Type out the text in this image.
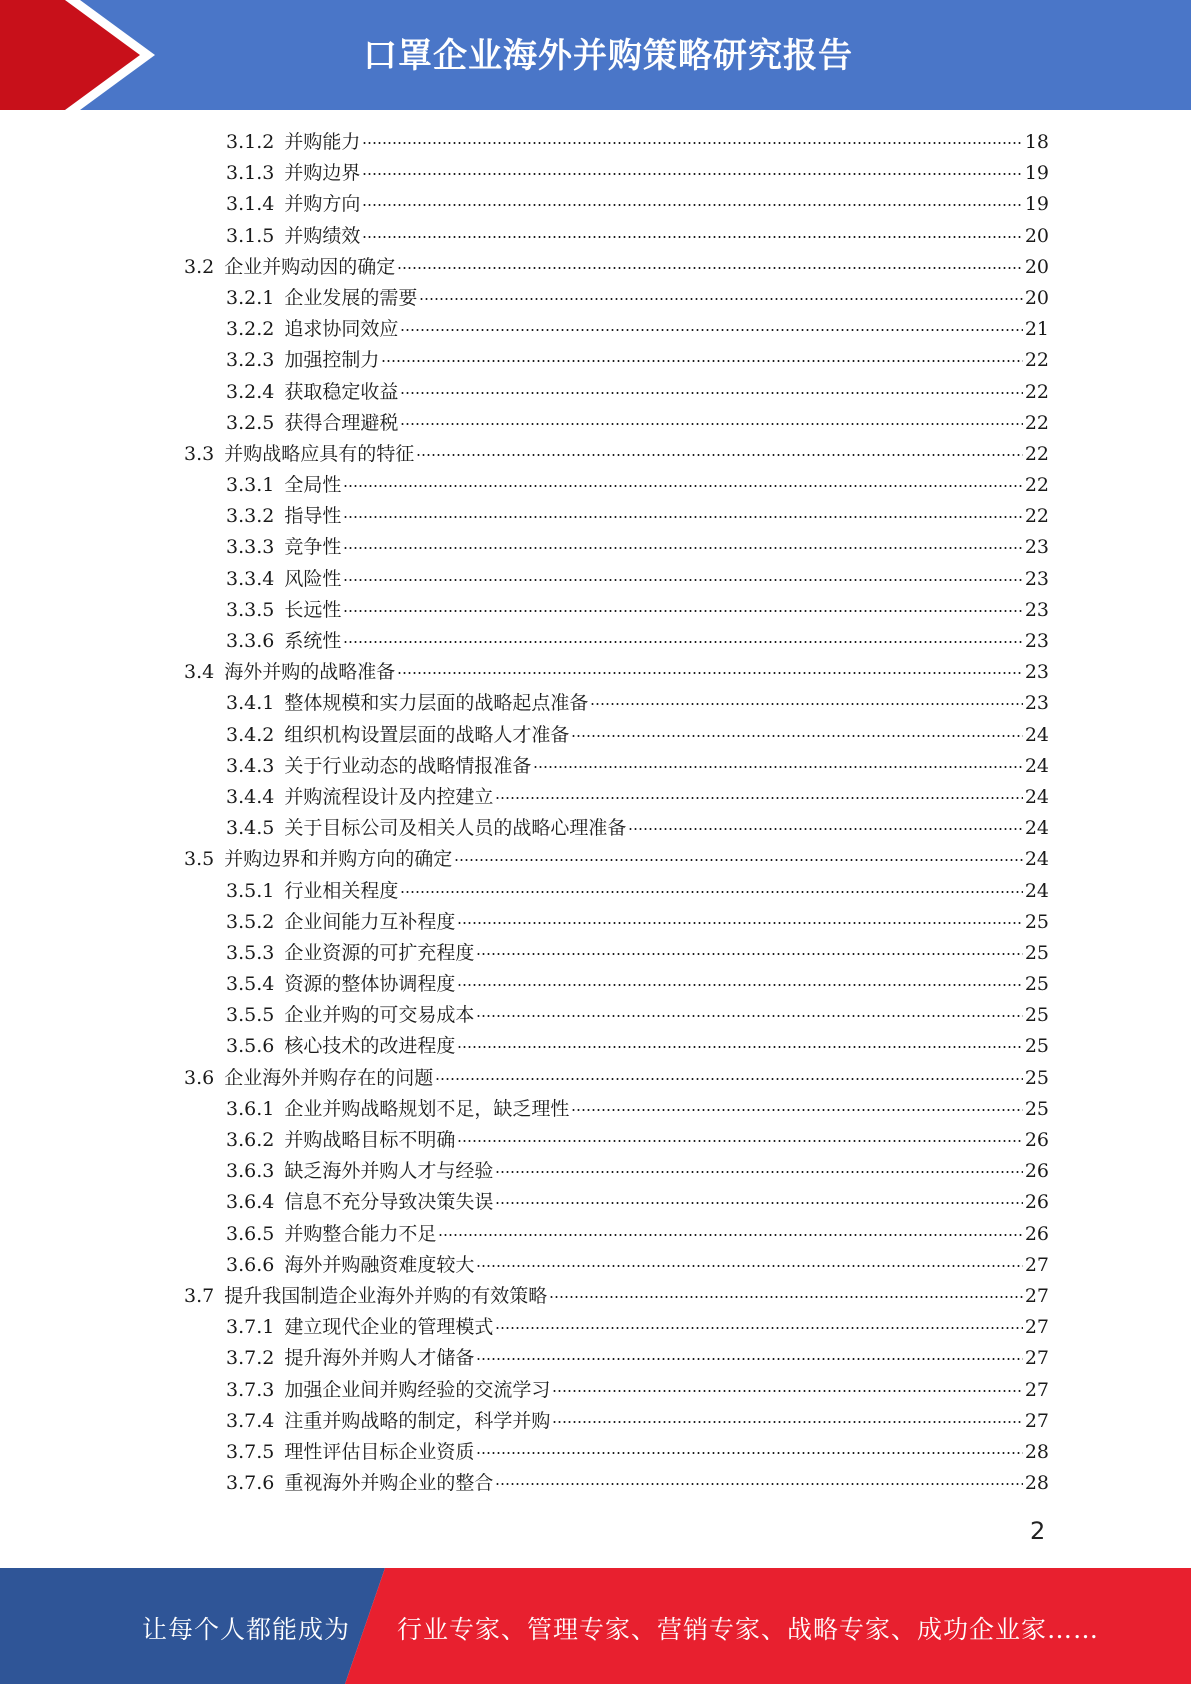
口罩企业海外并购策略研究报告
3.1.2 并购能力	18
3.1.3 并购边界	19
3.1.4 并购方向	19
3.1.5 并购绩效	20
3.2 企业并购动因的确定	20
3.2.1 企业发展的需要	20
3.2.2 追求协同效应	21
3.2.3 加强控制力	22
3.2.4 获取稳定收益	22
3.2.5 获得合理避税	22
3.3 并购战略应具有的特征	22
3.3.1 全局性	22
3.3.2 指导性	22
3.3.3 竞争性	23
3.3.4 风险性	23
3.3.5 长远性	23
3.3.6 系统性	23
3.4 海外并购的战略准备	23
3.4.1 整体规模和实力层面的战略起点准备	23
3.4.2 组织机构设置层面的战略人才准备	24
3.4.3 关于行业动态的战略情报准备	24
3.4.4 并购流程设计及内控建立	24
3.4.5 关于目标公司及相关人员的战略心理准备	24
3.5 并购边界和并购方向的确定	24
3.5.1 行业相关程度	24
3.5.2 企业间能力互补程度	25
3.5.3 企业资源的可扩充程度	25
3.5.4 资源的整体协调程度	25
3.5.5 企业并购的可交易成本	25
3.5.6 核心技术的改进程度	25
3.6 企业海外并购存在的问题	25
3.6.1 企业并购战略规划不足，缺乏理性	25
3.6.2 并购战略目标不明确	26
3.6.3 缺乏海外并购人才与经验	26
3.6.4 信息不充分导致决策失误	26
3.6.5 并购整合能力不足	26
3.6.6 海外并购融资难度较大	27
3.7 提升我国制造企业海外并购的有效策略	27
3.7.1 建立现代企业的管理模式	27
3.7.2 提升海外并购人才储备	27
3.7.3 加强企业间并购经验的交流学习	27
3.7.4 注重并购战略的制定，科学并购	27
3.7.5 理性评估目标企业资质	28
3.7.6 重视海外并购企业的整合	28
2
让每个人都能成为 行业专家、管理专家、营销专家、战略专家、成功企业家……
